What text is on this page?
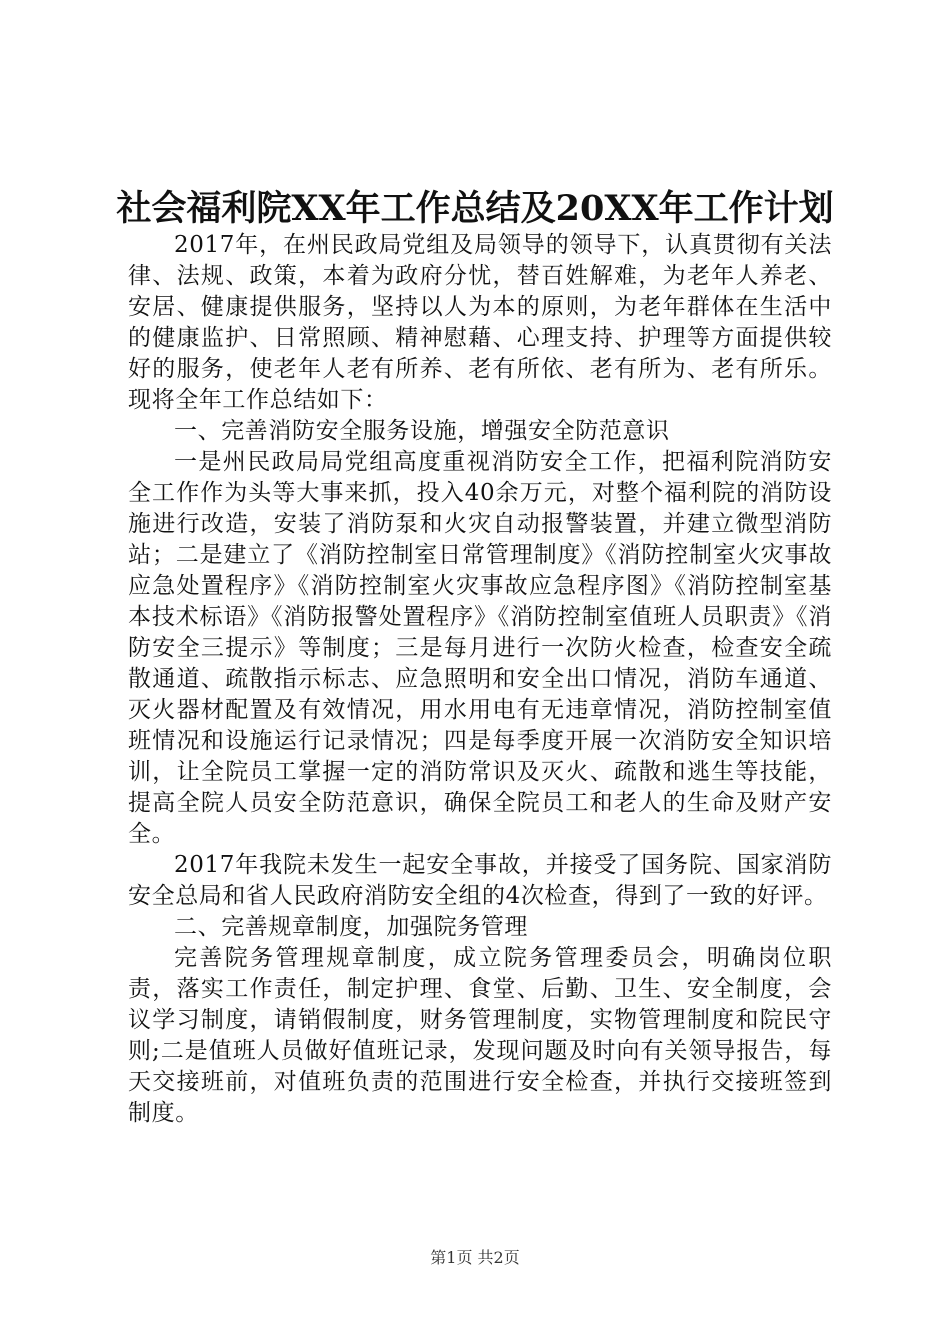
社会福利院XX年工作总结及20XX年工作计划

2017年，在州民政局党组及局领导的领导下，认真贯彻有关法律、法规、政策，本着为政府分忧，替百姓解难，为老年人养老、安居、健康提供服务，坚持以人为本的原则，为老年群体在生活中的健康监护、日常照顾、精神慰藉、心理支持、护理等方面提供较好的服务，使老年人老有所养、老有所依、老有所为、老有所乐。现将全年工作总结如下：

一、完善消防安全服务设施，增强安全防范意识

一是州民政局局党组高度重视消防安全工作，把福利院消防安全工作作为头等大事来抓，投入40余万元，对整个福利院的消防设施进行改造，安装了消防泵和火灾自动报警装置，并建立微型消防站；二是建立了《消防控制室日常管理制度》《消防控制室火灾事故应急处置程序》《消防控制室火灾事故应急程序图》《消防控制室基本技术标语》《消防报警处置程序》《消防控制室值班人员职责》《消防安全三提示》等制度；三是每月进行一次防火检查，检查安全疏散通道、疏散指示标志、应急照明和安全出口情况，消防车通道、灭火器材配置及有效情况，用水用电有无违章情况，消防控制室值班情况和设施运行记录情况；四是每季度开展一次消防安全知识培训，让全院员工掌握一定的消防常识及灭火、疏散和逃生等技能，提高全院人员安全防范意识，确保全院员工和老人的生命及财产安全。

2017年我院未发生一起安全事故，并接受了国务院、国家消防安全总局和省人民政府消防安全组的4次检查，得到了一致的好评。

二、完善规章制度，加强院务管理

完善院务管理规章制度，成立院务管理委员会，明确岗位职责，落实工作责任，制定护理、食堂、后勤、卫生、安全制度，会议学习制度，请销假制度，财务管理制度，实物管理制度和院民守则;二是值班人员做好值班记录，发现问题及时向有关领导报告，每天交接班前，对值班负责的范围进行安全检查，并执行交接班签到制度。

第1页 共2页
